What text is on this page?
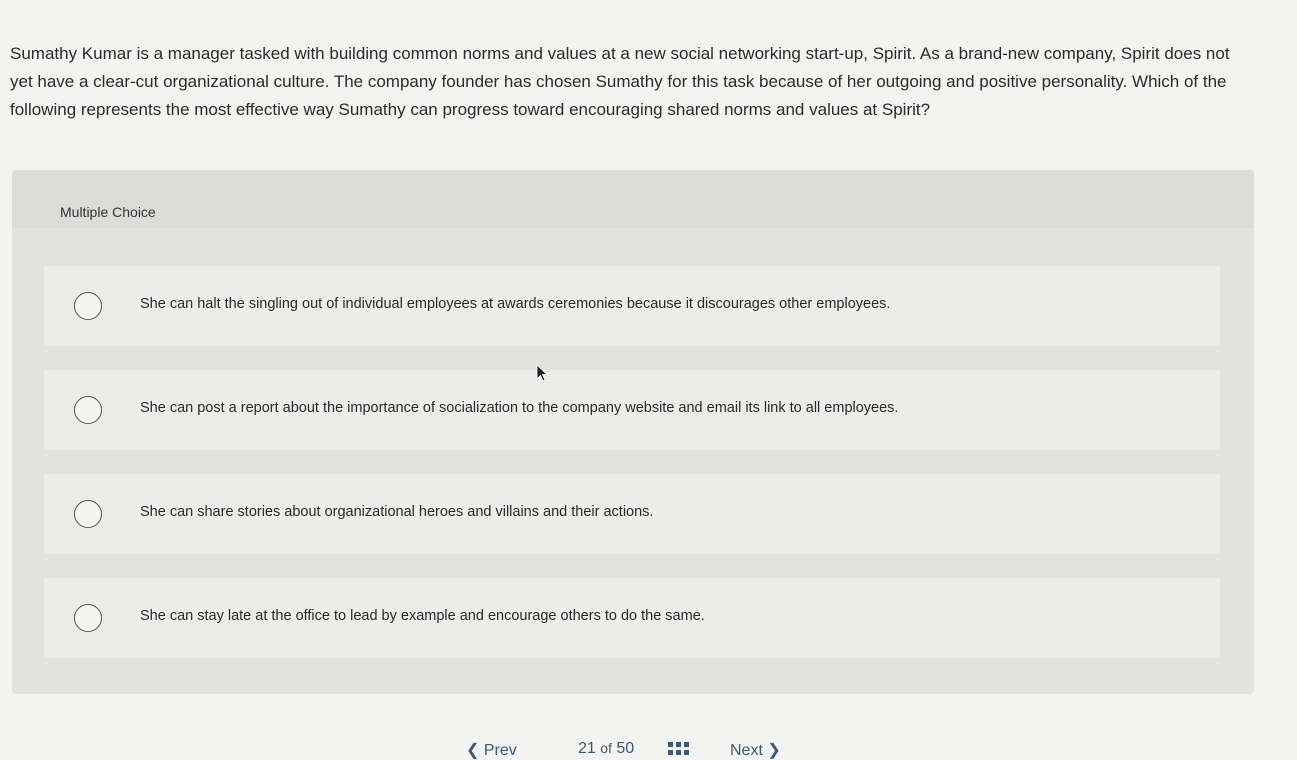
Sumathy Kumar is a manager tasked with building common norms and values at a new social networking start-up, Spirit. As a brand-new company, Spirit does not yet have a clear-cut organizational culture. The company founder has chosen Sumathy for this task because of her outgoing and positive personality. Which of the following represents the most effective way Sumathy can progress toward encouraging shared norms and values at Spirit?

Multiple Choice
She can halt the singling out of individual employees at awards ceremonies because it discourages other employees.
She can post a report about the importance of socialization to the company website and email its link to all employees.
She can share stories about organizational heroes and villains and their actions.
She can stay late at the office to lead by example and encourage others to do the same.
❮ Prev	21 of 50	Next ❯
